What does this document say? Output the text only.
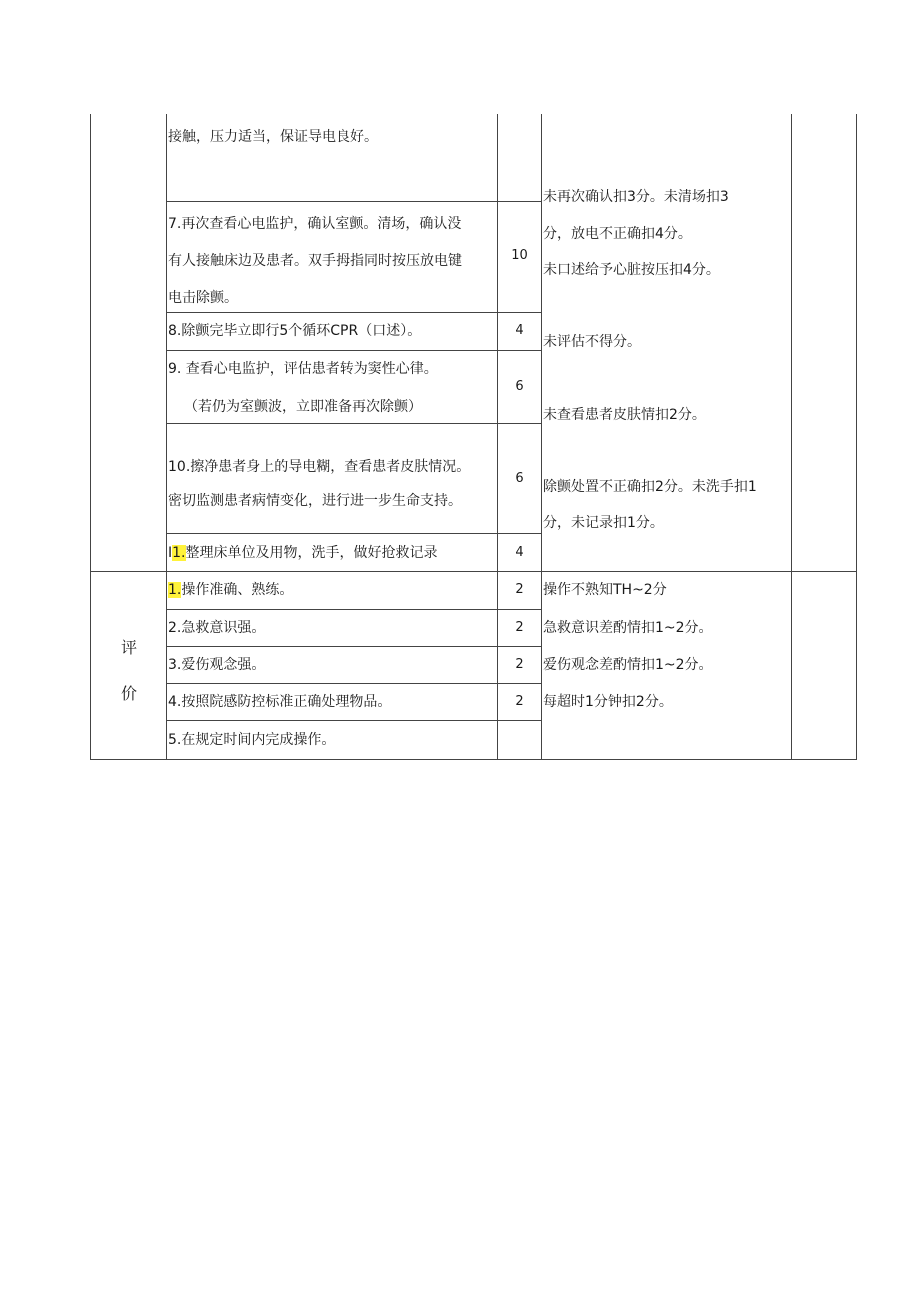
接触，压力适当，保证导电良好。
7.再次查看心电监护，确认室颤。清场，确认没
有人接触床边及患者。双手拇指同时按压放电键
电击除颤。
8.除颤完毕立即行5个循环CPR（口述）。
9. 查看心电监护，评估患者转为窦性心律。
（若仍为室颤波，立即准备再次除颤）
10.擦净患者身上的导电糊，查看患者皮肤情况。
密切监测患者病情变化，进行进一步生命支持。
I1.整理床单位及用物，洗手，做好抢救记录
10
4
6
6
4
未再次确认扣3分。未清场扣3
分，放电不正确扣4分。
未口述给予心脏按压扣4分。
未评估不得分。
未查看患者皮肤情扣2分。
除颤处置不正确扣2分。未洗手扣1
分，未记录扣1分。
评
价
1.操作准确、熟练。
2.急救意识强。
3.爱伤观念强。
4.按照院感防控标准正确处理物品。
5.在规定时间内完成操作。
2
2
2
2
操作不熟知TH~2分
急救意识差酌情扣1~2分。
爱伤观念差酌情扣1~2分。
每超时1分钟扣2分。
